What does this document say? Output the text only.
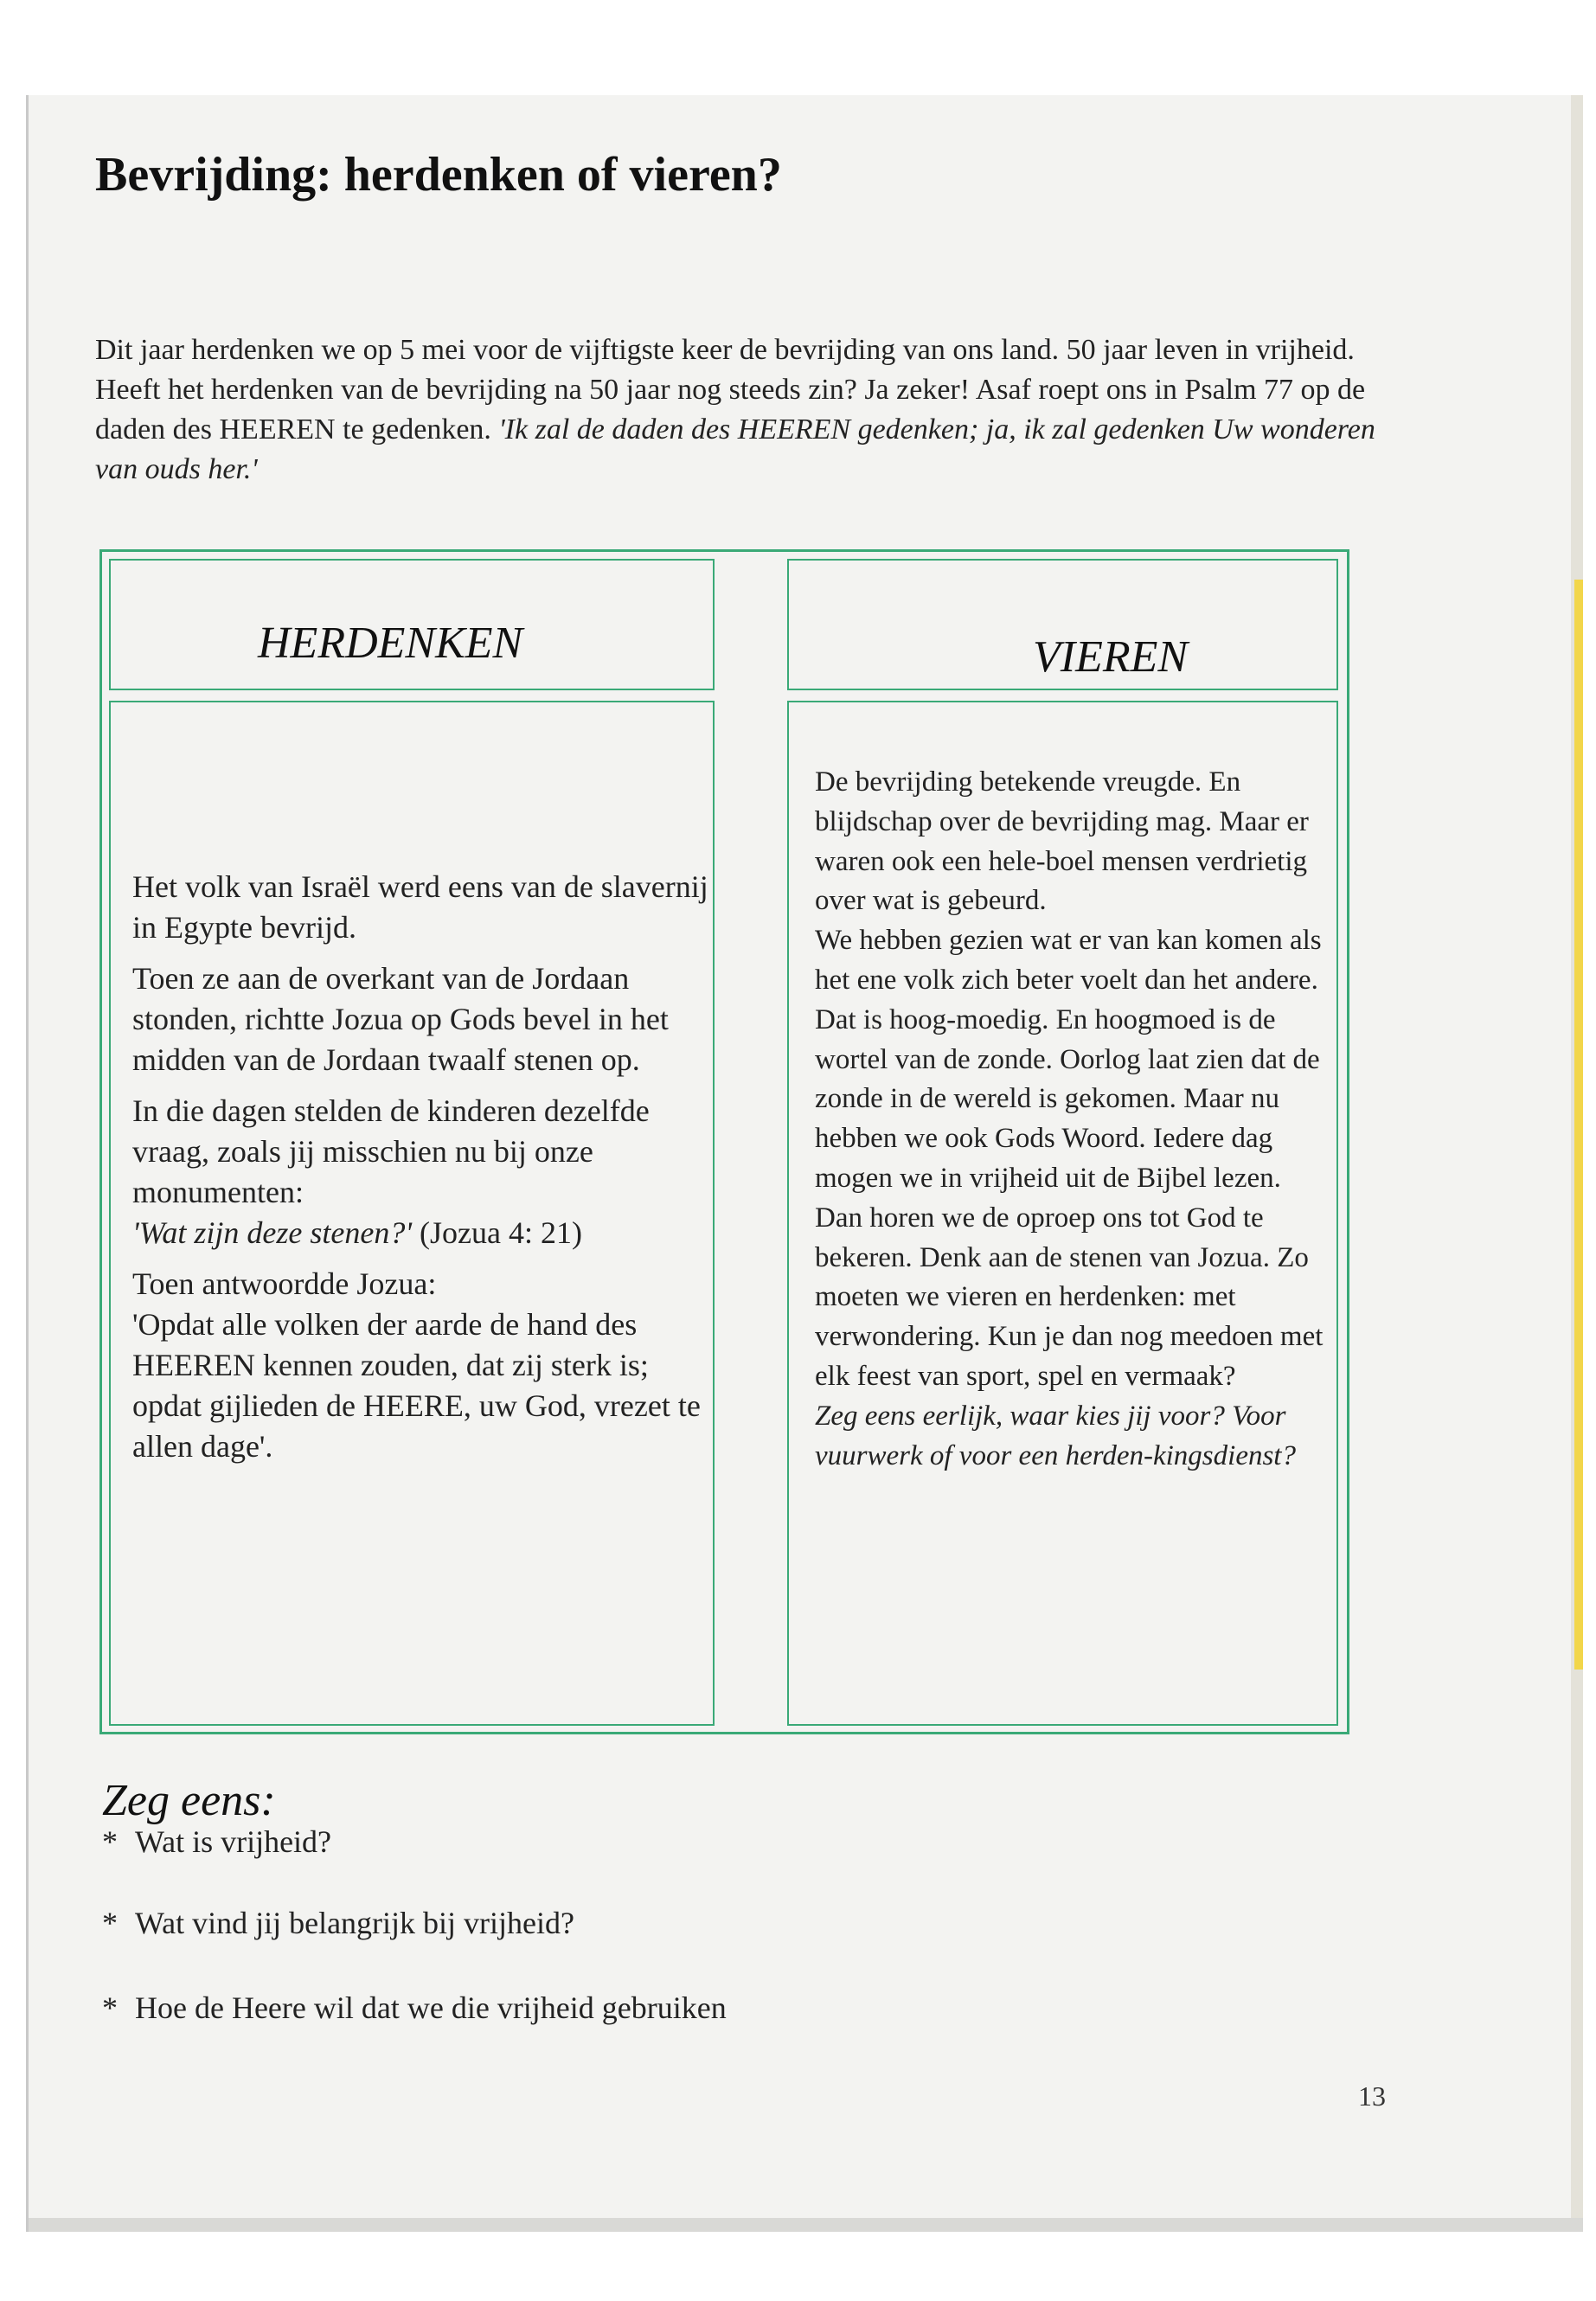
Bevrijding: herdenken of vieren?

Dit jaar herdenken we op 5 mei voor de vijftigste keer de bevrijding van ons land. 50 jaar leven in vrijheid. Heeft het herdenken van de bevrijding na 50 jaar nog steeds zin? Ja zeker! Asaf roept ons in Psalm 77 op de daden des HEEREN te gedenken. 'Ik zal de daden des HEEREN gedenken; ja, ik zal gedenken Uw wonderen van ouds her.'

HERDENKEN	VIEREN

Het volk van Israël werd eens van de slavernij in Egypte bevrijd.

Toen ze aan de overkant van de Jordaan stonden, richtte Jozua op Gods bevel in het midden van de Jordaan twaalf stenen op.

In die dagen stelden de kinderen dezelfde vraag, zoals jij misschien nu bij onze monumenten:
'Wat zijn deze stenen?' (Jozua 4: 21)

Toen antwoordde Jozua:
'Opdat alle volken der aarde de hand des HEEREN kennen zouden, dat zij sterk is; opdat gijlieden de HEERE, uw God, vrezet te allen dage'.

De bevrijding betekende vreugde. En blijdschap over de bevrijding mag. Maar er waren ook een hele-boel mensen verdrietig over wat is gebeurd.

We hebben gezien wat er van kan komen als het ene volk zich beter voelt dan het andere. Dat is hoog-moedig. En hoogmoed is de wortel van de zonde. Oorlog laat zien dat de zonde in de wereld is gekomen. Maar nu hebben we ook Gods Woord. Iedere dag mogen we in vrijheid uit de Bijbel lezen. Dan horen we de oproep ons tot God te bekeren. Denk aan de stenen van Jozua. Zo moeten we vieren en herdenken: met verwondering. Kun je dan nog meedoen met elk feest van sport, spel en vermaak?

Zeg eens eerlijk, waar kies jij voor? Voor vuurwerk of voor een herden-kingsdienst?

Zeg eens:
* Wat is vrijheid?
* Wat vind jij belangrijk bij vrijheid?
* Hoe de Heere wil dat we die vrijheid gebruiken
13
